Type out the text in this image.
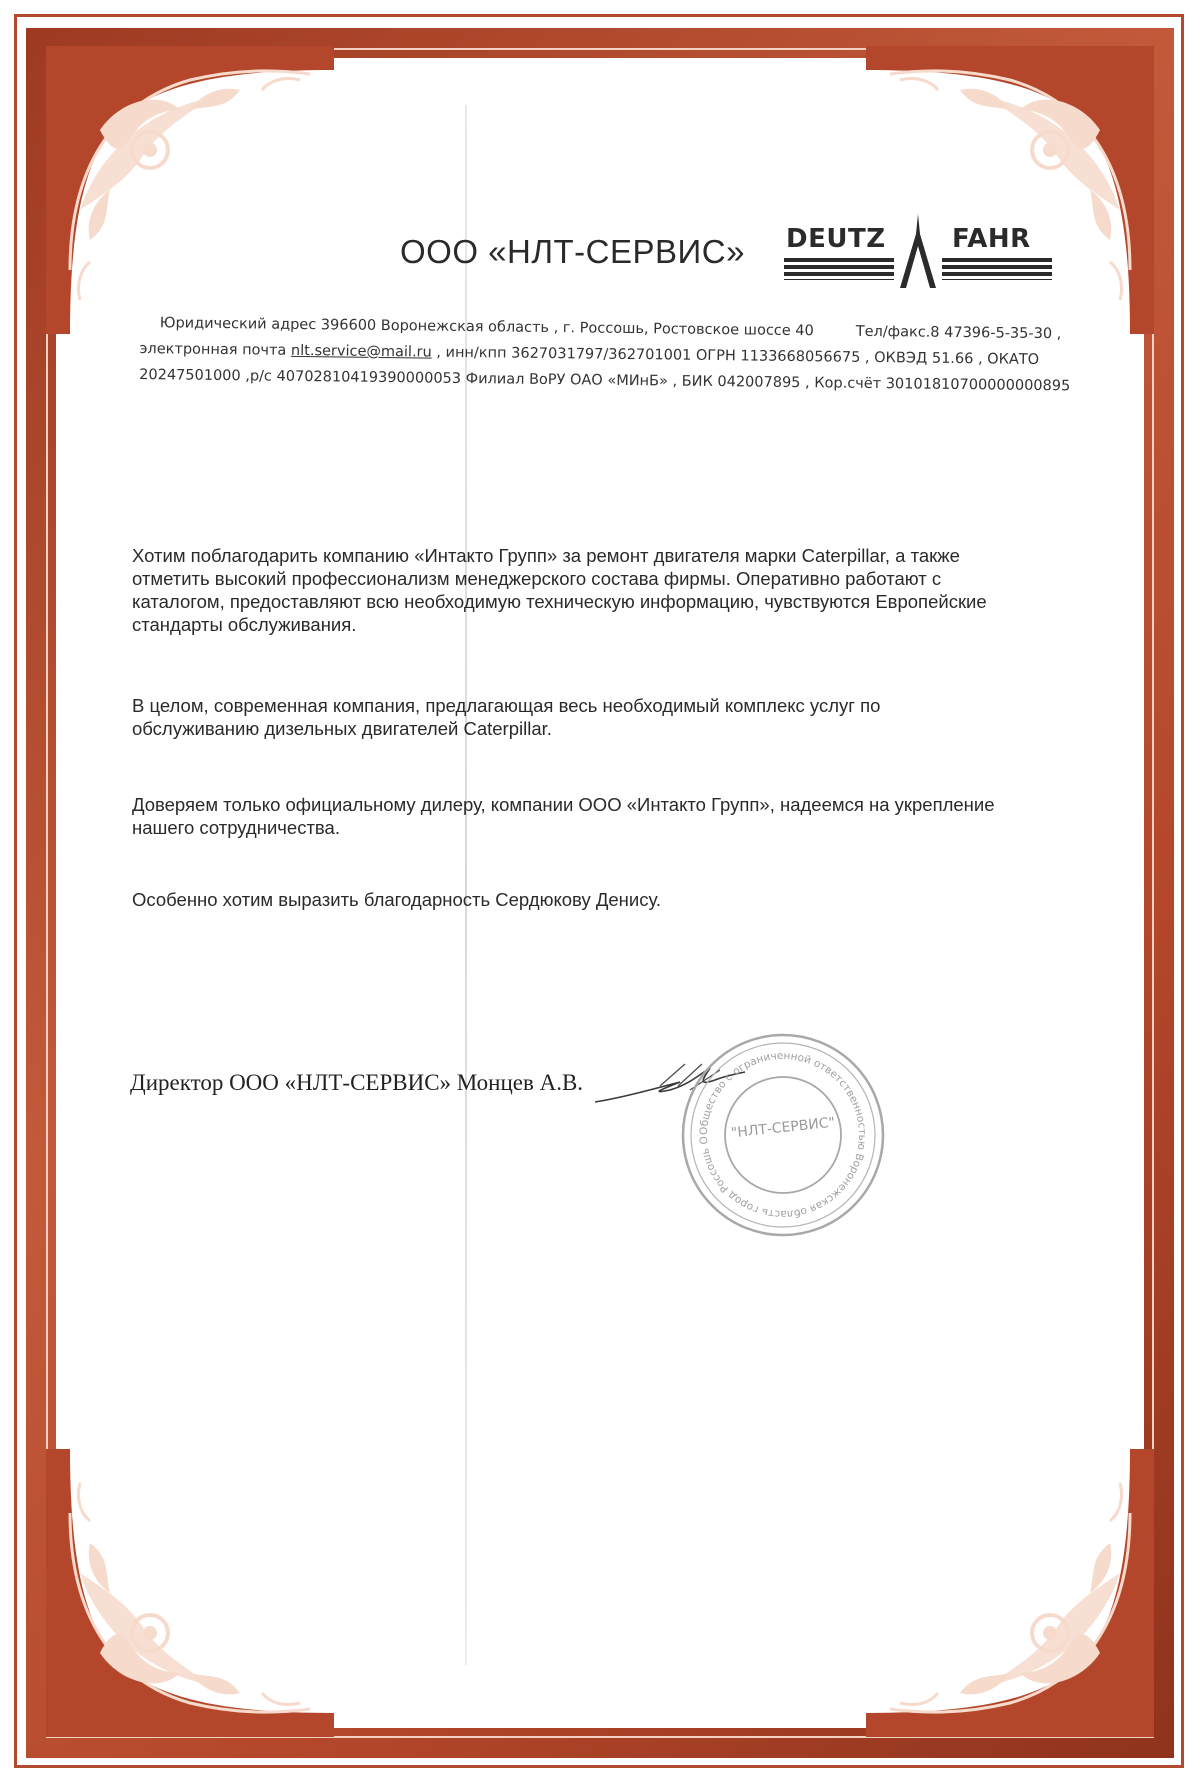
ООО «НЛТ-СЕРВИС» DEUTZ	FAHR
Юридический адрес 396600 Воронежская область , г. Россошь, Ростовское шоссе 40	Тел/факс.8 47396-5-35-30 ,
электронная почта nlt.service@mail.ru , инн/кпп 3627031797/362701001 ОГРН 1133668056675 , ОКВЭД 51.66 , ОКАТО
20247501000 ,р/с 40702810419390000053 Филиал ВоРУ ОАО «МИнБ» , БИК 042007895 , Кор.счёт 30101810700000000895
Хотим поблагодарить компанию «Интакто Групп» за ремонт двигателя марки Caterpillar, а также отметить высокий профессионализм менеджерского состава фирмы. Оперативно работают с каталогом, предоставляют всю необходимую техническую информацию, чувствуются Европейские стандарты обслуживания.
В целом, современная компания, предлагающая весь необходимый комплекс услуг по обслуживанию дизельных двигателей Caterpillar.
Доверяем только официальному дилеру, компании ООО «Интакто Групп», надеемся на укрепление нашего сотрудничества.
Особенно хотим выразить благодарность Сердюкову Денису.
Директор ООО «НЛТ-СЕРВИС» Монцев А.В.
Общество с ограниченной ответственностью Воронежская область город Россошь О	"НЛТ-СЕРВИС"
